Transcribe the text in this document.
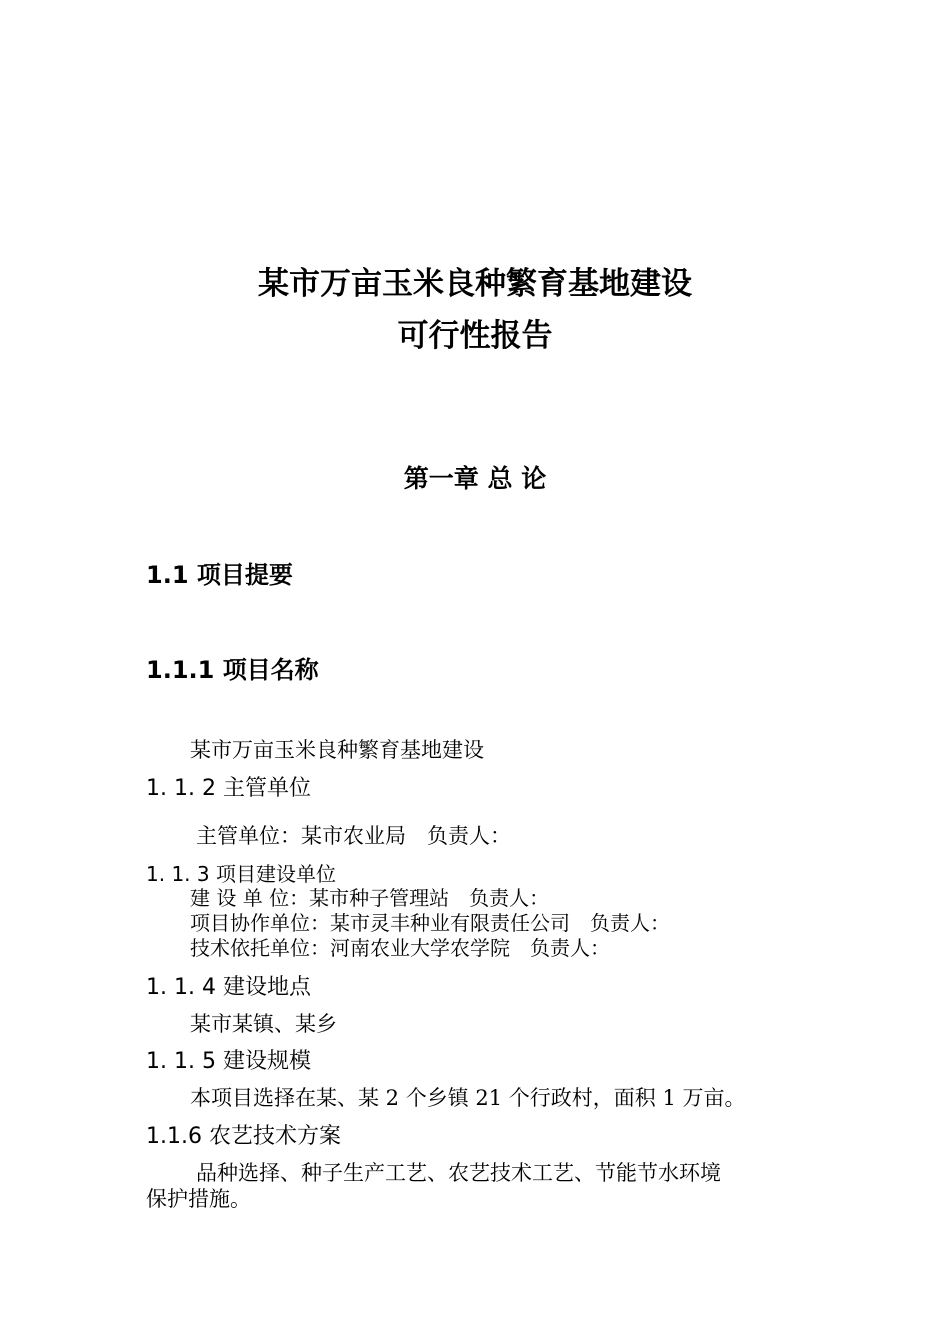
某市万亩玉米良种繁育基地建设
可行性报告
第一章 总 论
1.1 项目提要
1.1.1 项目名称
某市万亩玉米良种繁育基地建设
1. 1. 2 主管单位
主管单位：某市农业局　负责人：
1. 1. 3 项目建设单位
建 设 单 位：某市种子管理站　负责人：
项目协作单位：某市灵丰种业有限责任公司　负责人：
技术依托单位：河南农业大学农学院　负责人：
1. 1. 4 建设地点
某市某镇、某乡
1. 1. 5 建设规模
本项目选择在某、某 2 个乡镇 21 个行政村，面积 1 万亩。
1.1.6 农艺技术方案
品种选择、种子生产工艺、农艺技术工艺、节能节水环境
保护措施。
